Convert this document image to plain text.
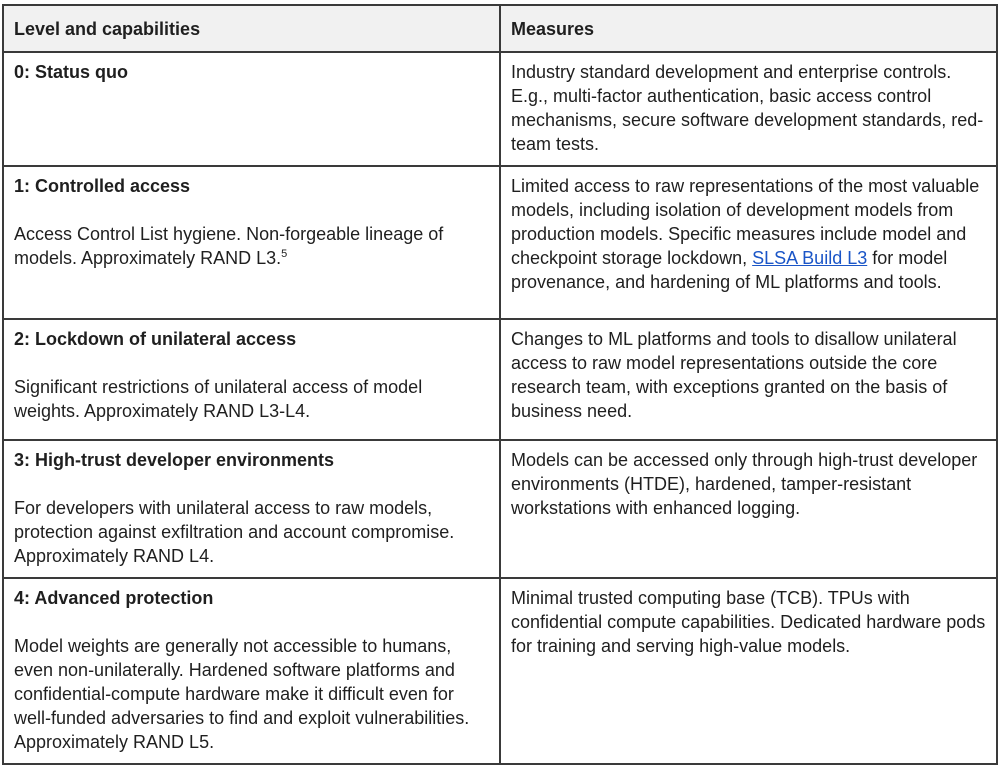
Level and capabilities	Measures

0: Status quo	Industry standard development and enterprise controls. E.g., multi-factor authentication, basic access control mechanisms, secure software development standards, red-team tests.

1: Controlled access
Access Control List hygiene. Non-forgeable lineage of models. Approximately RAND L3.$^5$	Limited access to raw representations of the most valuable models, including isolation of development models from production models. Specific measures include model and checkpoint storage lockdown, SLSA Build L3 for model provenance, and hardening of ML platforms and tools.

2: Lockdown of unilateral access
Significant restrictions of unilateral access of model weights. Approximately RAND L3-L4.	Changes to ML platforms and tools to disallow unilateral access to raw model representations outside the core research team, with exceptions granted on the basis of business need.

3: High-trust developer environments
For developers with unilateral access to raw models, protection against exfiltration and account compromise. Approximately RAND L4.	Models can be accessed only through high-trust developer environments (HTDE), hardened, tamper-resistant workstations with enhanced logging.

4: Advanced protection
Model weights are generally not accessible to humans, even non-unilaterally. Hardened software platforms and confidential-compute hardware make it difficult even for well-funded adversaries to find and exploit vulnerabilities. Approximately RAND L5.	Minimal trusted computing base (TCB). TPUs with confidential compute capabilities. Dedicated hardware pods for training and serving high-value models.
